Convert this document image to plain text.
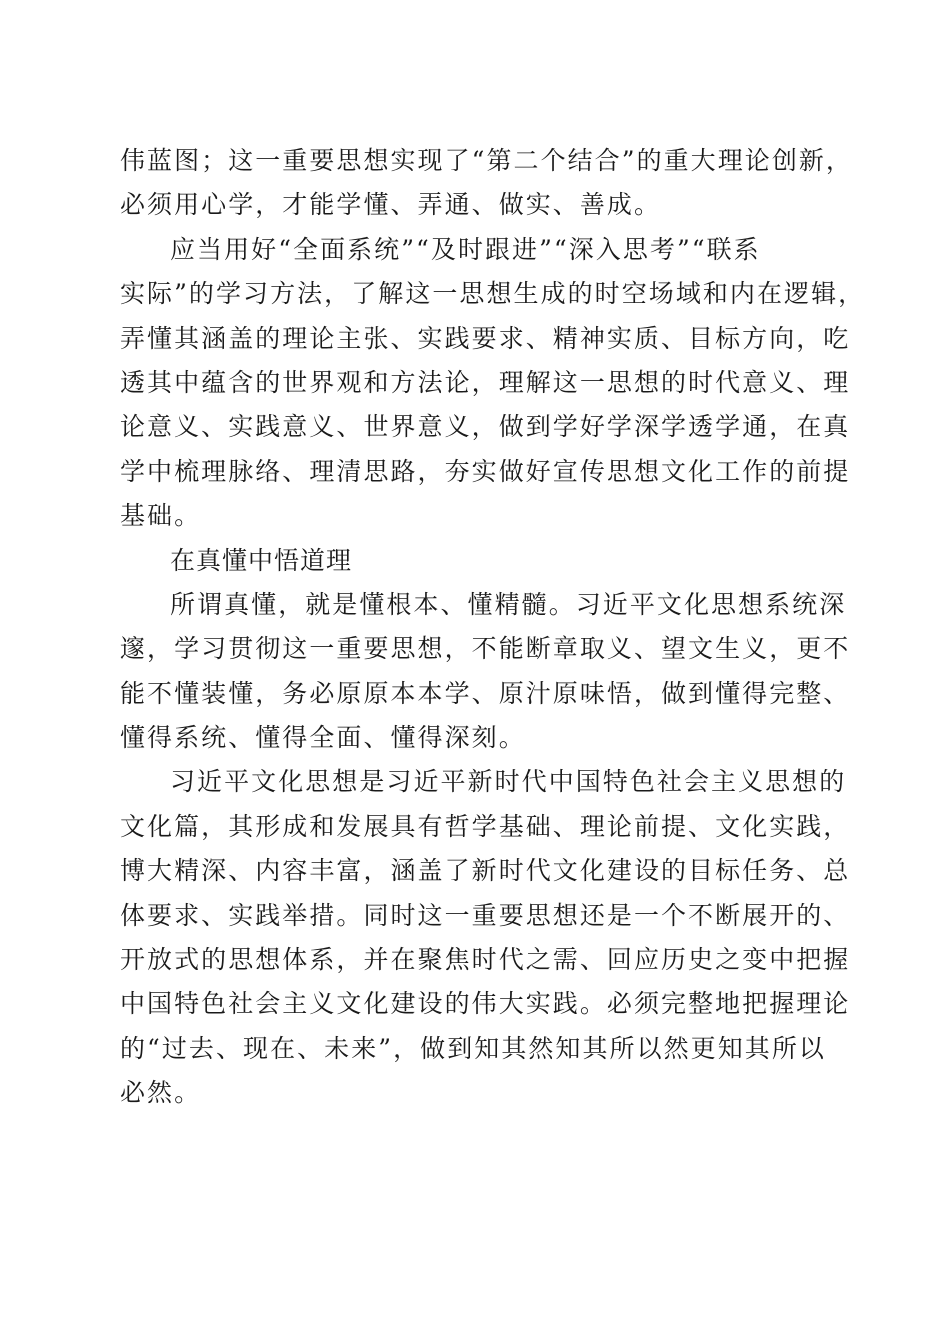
伟蓝图；这一重要思想实现了“第二个结合”的重大理论创新，
必须用心学，才能学懂、弄通、做实、善成。
应当用好“全面系统”“及时跟进”“深入思考”“联系
实际”的学习方法，了解这一思想生成的时空场域和内在逻辑，
弄懂其涵盖的理论主张、实践要求、精神实质、目标方向，吃
透其中蕴含的世界观和方法论，理解这一思想的时代意义、理
论意义、实践意义、世界意义，做到学好学深学透学通，在真
学中梳理脉络、理清思路，夯实做好宣传思想文化工作的前提
基础。
在真懂中悟道理
所谓真懂，就是懂根本、懂精髓。习近平文化思想系统深
邃，学习贯彻这一重要思想，不能断章取义、望文生义，更不
能不懂装懂，务必原原本本学、原汁原味悟，做到懂得完整、
懂得系统、懂得全面、懂得深刻。
习近平文化思想是习近平新时代中国特色社会主义思想的
文化篇，其形成和发展具有哲学基础、理论前提、文化实践，
博大精深、内容丰富，涵盖了新时代文化建设的目标任务、总
体要求、实践举措。同时这一重要思想还是一个不断展开的、
开放式的思想体系，并在聚焦时代之需、回应历史之变中把握
中国特色社会主义文化建设的伟大实践。必须完整地把握理论
的“过去、现在、未来”，做到知其然知其所以然更知其所以
必然。
